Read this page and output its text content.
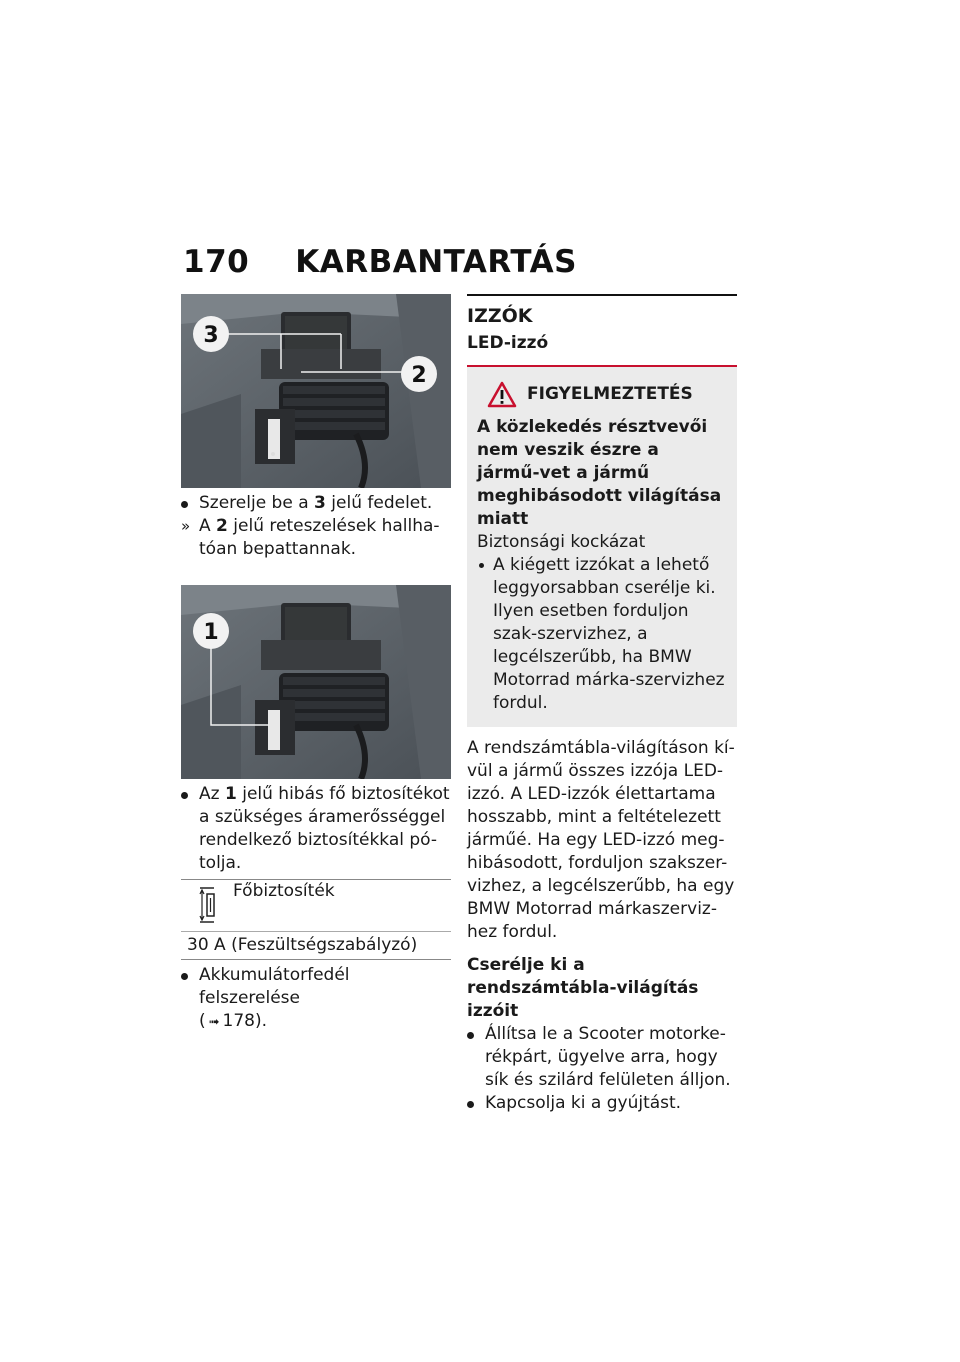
170 KARBANTARTÁS
3
2
Szerelje be a 3 jelű fedelet.
» A 2 jelű reteszelések hallha-tóan bepattannak.
1
Az 1 jelű hibás fő biztosítékot a szükséges áramerősséggel rendelkező biztosítékkal pó-tolja.
Főbiztosíték
30 A (Feszültségszabályzó)
Akkumulátorfedél felszerelése
( ➟ 178).
IZZÓK
LED-izzó
FIGYELMEZTETÉS
A közlekedés résztvevői nem veszik észre a jármű-vet a jármű meghibásodott világítása miatt
Biztonsági kockázat
A kiégett izzókat a lehető leggyorsabban cserélje ki. Ilyen esetben forduljon szak-szervizhez, a legcélszerűbb, ha BMW Motorrad márka-szervizhez fordul.
A rendszámtábla-világításon kí-vül a jármű összes izzója LED-izzó. A LED-izzók élettartama hosszabb, mint a feltételezett járműé. Ha egy LED-izzó meg-hibásodott, forduljon szakszer-vizhez, a legcélszerűbb, ha egy BMW Motorrad márkaszerviz-hez fordul.
Cserélje ki a rendszámtábla-világítás izzóit
Állítsa le a Scooter motorke-rékpárt, ügyelve arra, hogy sík és szilárd felületen álljon.
Kapcsolja ki a gyújtást.
